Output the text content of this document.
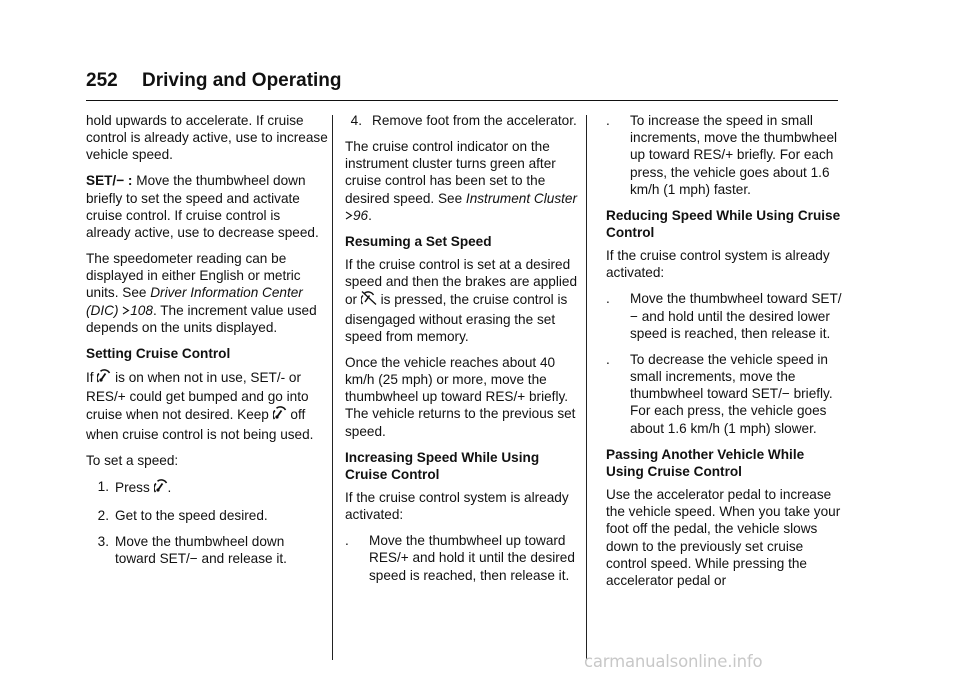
252 Driving and Operating

hold upwards to accelerate. If cruise control is already active, use to increase vehicle speed.

SET/− : Move the thumbwheel down briefly to set the speed and activate cruise control. If cruise control is already active, use to decrease speed.

The speedometer reading can be displayed in either English or metric units. See Driver Information Center (DIC) 108. The increment value used depends on the units displayed.

Setting Cruise Control

If  is on when not in use, SET/- or RES/+ could get bumped and go into cruise when not desired. Keep  off when cruise control is not being used.

To set a speed:

1. Press .
2. Get to the speed desired.
3. Move the thumbwheel down toward SET/− and release it.
4. Remove foot from the accelerator.

The cruise control indicator on the instrument cluster turns green after cruise control has been set to the desired speed. See Instrument Cluster 96.

Resuming a Set Speed

If the cruise control is set at a desired speed and then the brakes are applied or  is pressed, the cruise control is disengaged without erasing the set speed from memory.

Once the vehicle reaches about 40 km/h (25 mph) or more, move the thumbwheel up toward RES/+ briefly. The vehicle returns to the previous set speed.

Increasing Speed While Using Cruise Control

If the cruise control system is already activated:

.	Move the thumbwheel up toward RES/+ and hold it until the desired speed is reached, then release it.
.	To increase the speed in small increments, move the thumbwheel up toward RES/+ briefly. For each press, the vehicle goes about 1.6 km/h (1 mph) faster.

Reducing Speed While Using Cruise Control

If the cruise control system is already activated:

.	Move the thumbwheel toward SET/− and hold until the desired lower speed is reached, then release it.
.	To decrease the vehicle speed in small increments, move the thumbwheel toward SET/− briefly. For each press, the vehicle goes about 1.6 km/h (1 mph) slower.

Passing Another Vehicle While Using Cruise Control

Use the accelerator pedal to increase the vehicle speed. When you take your foot off the pedal, the vehicle slows down to the previously set cruise control speed. While pressing the accelerator pedal or

carmanualsonline.info
